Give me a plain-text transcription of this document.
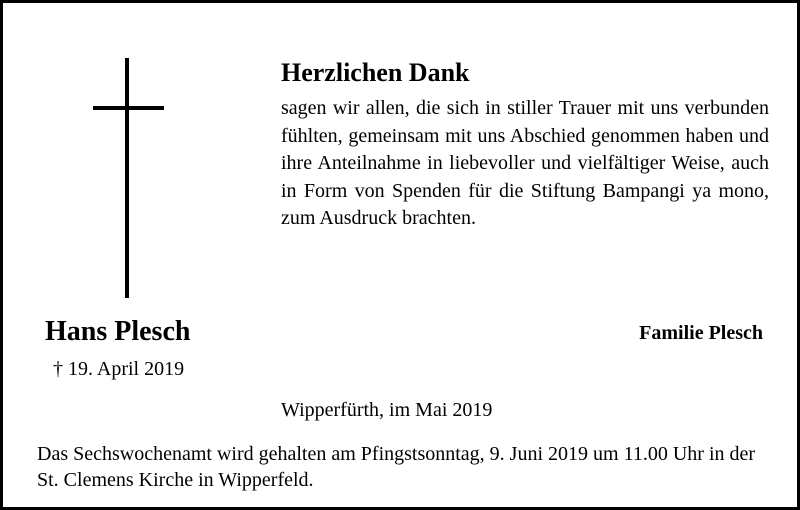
Herzlichen Dank
sagen wir allen, die sich in stiller Trauer mit uns verbunden fühlten, gemeinsam mit uns Abschied genommen haben und ihre Anteilnahme in liebevoller und vielfältiger Weise, auch in Form von Spenden für die Stiftung Bampangi ya mono, zum Ausdruck brachten.
Hans Plesch
† 19. April 2019
Familie Plesch
Wipperfürth, im Mai 2019
Das Sechswochenamt wird gehalten am Pfingstsonntag, 9. Juni 2019 um 11.00 Uhr in der St. Clemens Kirche in Wipperfeld.
